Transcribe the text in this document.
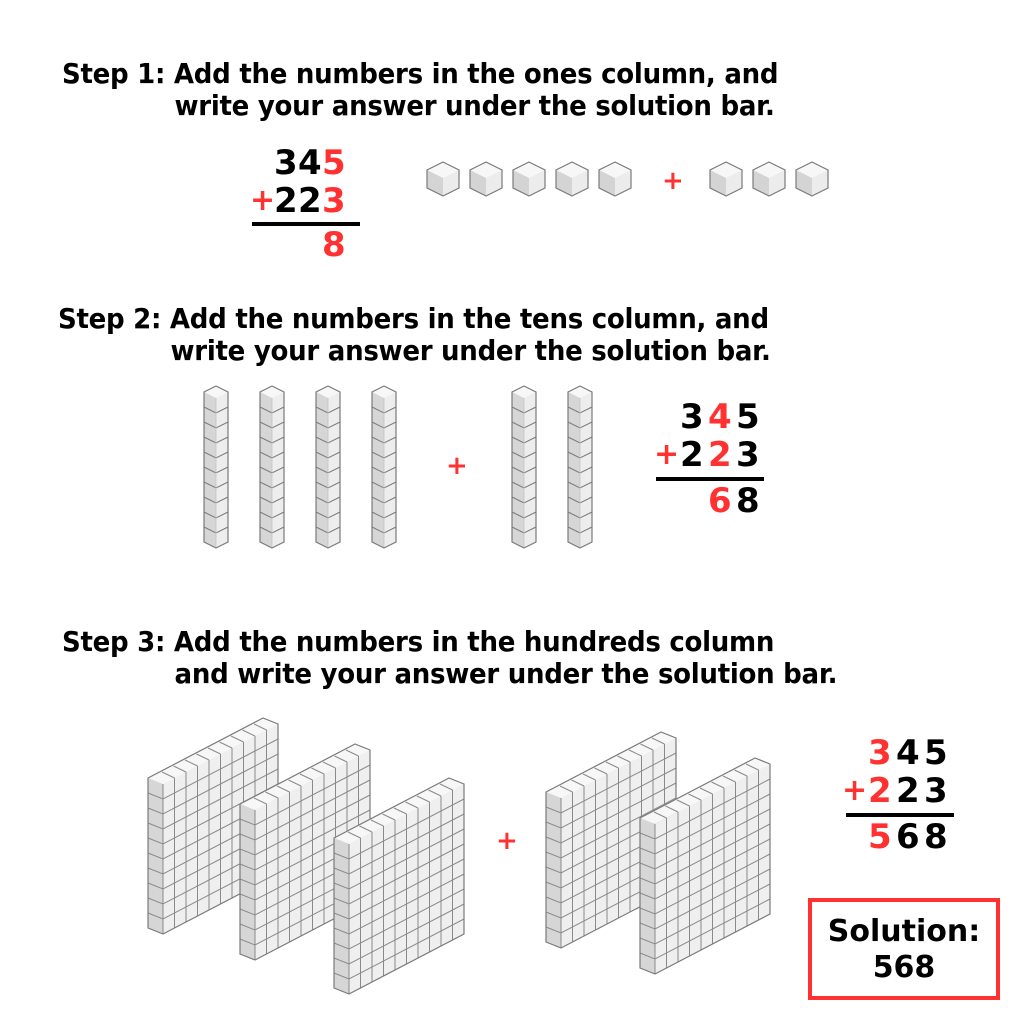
Step 1: Add the numbers in the ones column, and
write your answer under the solution bar.
3 4 5
+
2 2 3
8
+
Step 2: Add the numbers in the tens column, and
write your answer under the solution bar.
+
3 4 5
+ 2 2 3
6 8
Step 3: Add the numbers in the hundreds column
and write your answer under the solution bar.
+
3 4 5
+ 2 2 3
5 6 8
Solution:
568
